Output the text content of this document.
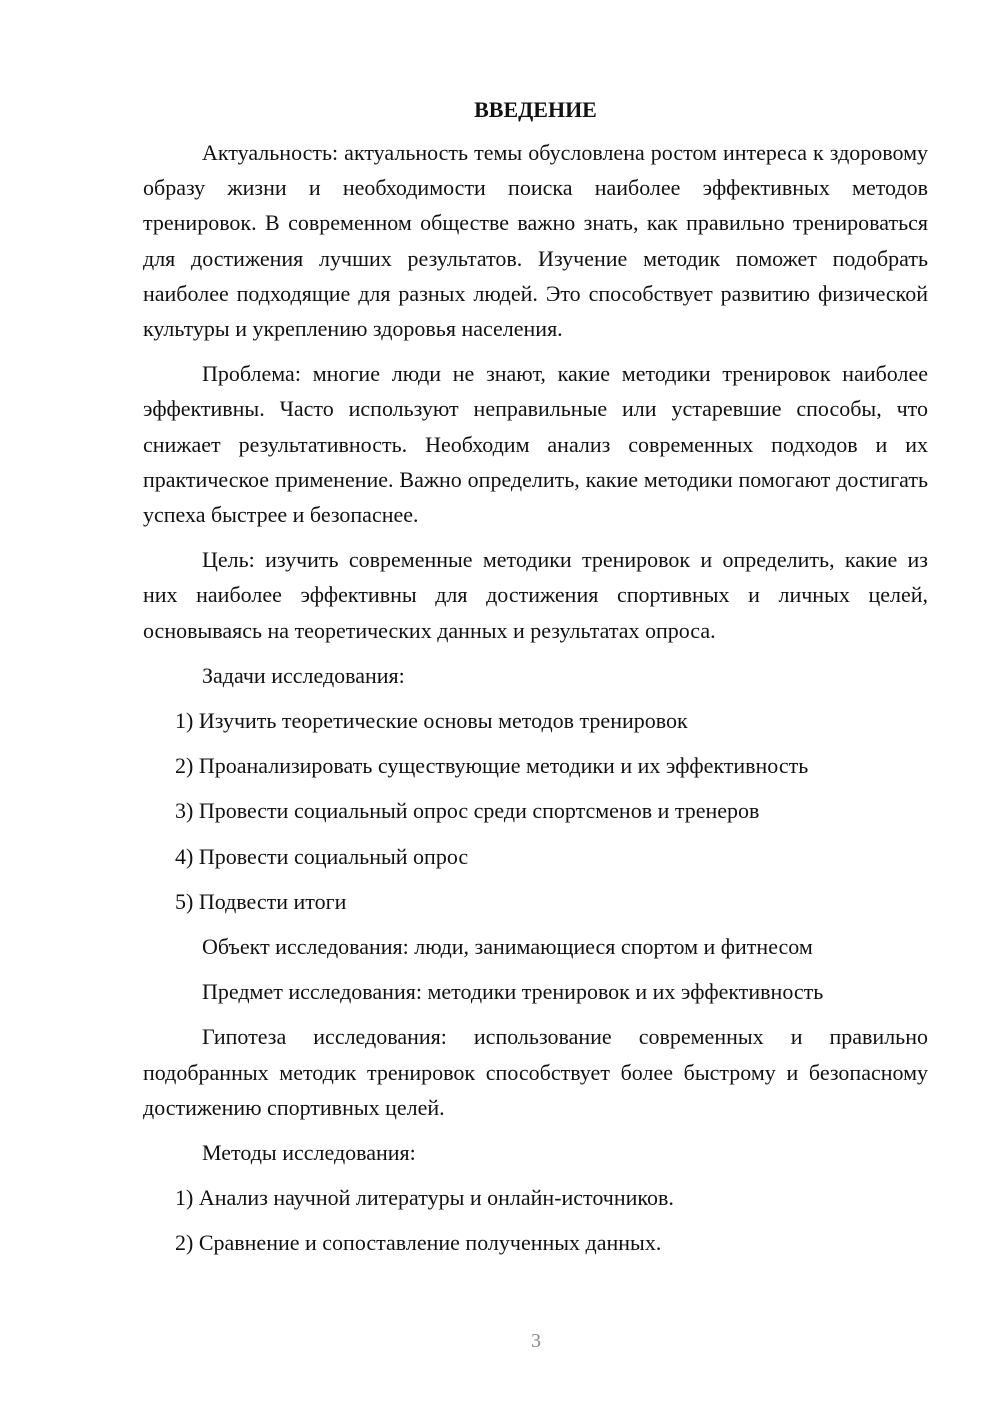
ВВЕДЕНИЕ

Актуальность: актуальность темы обусловлена ростом интереса к здоровому образу жизни и необходимости поиска наиболее эффективных методов тренировок. В современном обществе важно знать, как правильно тренироваться для достижения лучших результатов. Изучение методик поможет подобрать наиболее подходящие для разных людей. Это способствует развитию физической культуры и укреплению здоровья населения.

Проблема: многие люди не знают, какие методики тренировок наиболее эффективны. Часто используют неправильные или устаревшие способы, что снижает результативность. Необходим анализ современных подходов и их практическое применение. Важно определить, какие методики помогают достигать успеха быстрее и безопаснее.

Цель: изучить современные методики тренировок и определить, какие из них наиболее эффективны для достижения спортивных и личных целей, основываясь на теоретических данных и результатах опроса.

Задачи исследования:
1) Изучить теоретические основы методов тренировок
2) Проанализировать существующие методики и их эффективность
3) Провести социальный опрос среди спортсменов и тренеров
4) Провести социальный опрос
5) Подвести итоги
Объект исследования: люди, занимающиеся спортом и фитнесом
Предмет исследования: методики тренировок и их эффективность

Гипотеза исследования: использование современных и правильно подобранных методик тренировок способствует более быстрому и безопасному достижению спортивных целей.

Методы исследования:
1) Анализ научной литературы и онлайн-источников.
2) Сравнение и сопоставление полученных данных.
3
